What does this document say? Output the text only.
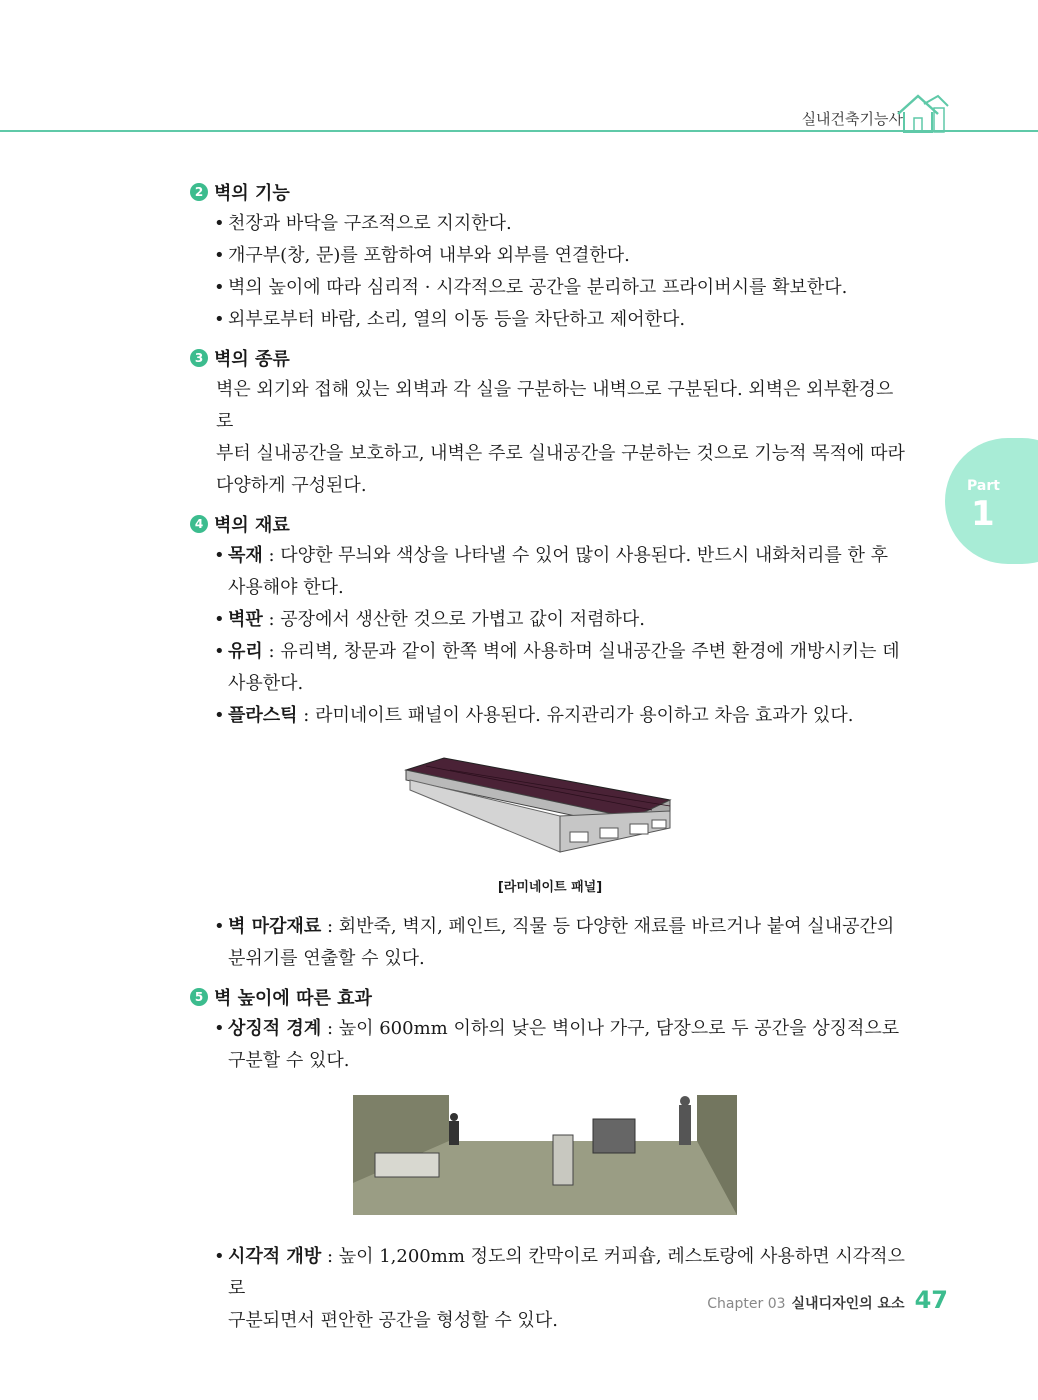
실내건축기능사
Part
1
2 벽의 기능
• 천장과 바닥을 구조적으로 지지한다.
• 개구부(창, 문)를 포함하여 내부와 외부를 연결한다.
• 벽의 높이에 따라 심리적 · 시각적으로 공간을 분리하고 프라이버시를 확보한다.
• 외부로부터 바람, 소리, 열의 이동 등을 차단하고 제어한다.
3 벽의 종류
벽은 외기와 접해 있는 외벽과 각 실을 구분하는 내벽으로 구분된다. 외벽은 외부환경으로
부터 실내공간을 보호하고, 내벽은 주로 실내공간을 구분하는 것으로 기능적 목적에 따라
다양하게 구성된다.
4 벽의 재료
• 목재 : 다양한 무늬와 색상을 나타낼 수 있어 많이 사용된다. 반드시 내화처리를 한 후
사용해야 한다.
• 벽판 : 공장에서 생산한 것으로 가볍고 값이 저렴하다.
• 유리 : 유리벽, 창문과 같이 한쪽 벽에 사용하며 실내공간을 주변 환경에 개방시키는 데
사용한다.
• 플라스틱 : 라미네이트 패널이 사용된다. 유지관리가 용이하고 차음 효과가 있다.
[라미네이트 패널]
• 벽 마감재료 : 회반죽, 벽지, 페인트, 직물 등 다양한 재료를 바르거나 붙여 실내공간의
분위기를 연출할 수 있다.
5 벽 높이에 따른 효과
• 상징적 경계 : 높이 600mm 이하의 낮은 벽이나 가구, 담장으로 두 공간을 상징적으로
구분할 수 있다.
• 시각적 개방 : 높이 1,200mm 정도의 칸막이로 커피숍, 레스토랑에 사용하면 시각적으로
구분되면서 편안한 공간을 형성할 수 있다.
Chapter 03 실내디자인의 요소 47
